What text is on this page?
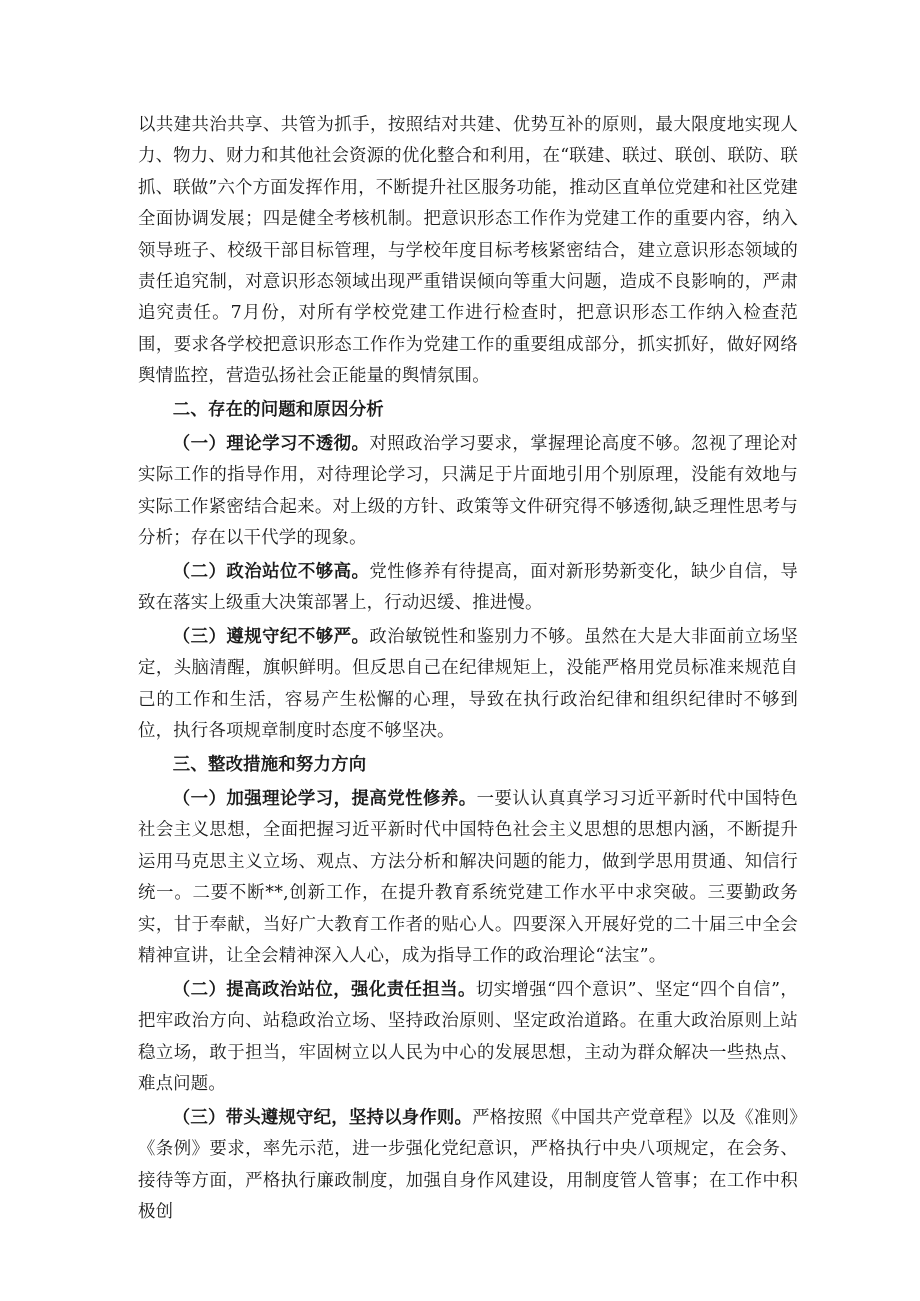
以共建共治共享、共管为抓手，按照结对共建、优势互补的原则，最大限度地实现人力、物力、财力和其他社会资源的优化整合和利用，在“联建、联过、联创、联防、联抓、联做”六个方面发挥作用，不断提升社区服务功能，推动区直单位党建和社区党建全面协调发展；四是健全考核机制。把意识形态工作作为党建工作的重要内容，纳入领导班子、校级干部目标管理，与学校年度目标考核紧密结合，建立意识形态领域的责任追究制，对意识形态领域出现严重错误倾向等重大问题，造成不良影响的，严肃追究责任。7月份，对所有学校党建工作进行检查时，把意识形态工作纳入检查范围，要求各学校把意识形态工作作为党建工作的重要组成部分，抓实抓好，做好网络舆情监控，营造弘扬社会正能量的舆情氛围。

二、存在的问题和原因分析

（一）理论学习不透彻。对照政治学习要求，掌握理论高度不够。忽视了理论对实际工作的指导作用，对待理论学习，只满足于片面地引用个别原理，没能有效地与实际工作紧密结合起来。对上级的方针、政策等文件研究得不够透彻,缺乏理性思考与分析；存在以干代学的现象。

（二）政治站位不够高。党性修养有待提高，面对新形势新变化，缺少自信，导致在落实上级重大决策部署上，行动迟缓、推进慢。

（三）遵规守纪不够严。政治敏锐性和鉴别力不够。虽然在大是大非面前立场坚定，头脑清醒，旗帜鲜明。但反思自己在纪律规矩上，没能严格用党员标准来规范自己的工作和生活，容易产生松懈的心理，导致在执行政治纪律和组织纪律时不够到位，执行各项规章制度时态度不够坚决。

三、整改措施和努力方向

（一）加强理论学习，提高党性修养。一要认认真真学习习近平新时代中国特色社会主义思想，全面把握习近平新时代中国特色社会主义思想的思想内涵，不断提升运用马克思主义立场、观点、方法分析和解决问题的能力，做到学思用贯通、知信行统一。二要不断**,创新工作，在提升教育系统党建工作水平中求突破。三要勤政务实，甘于奉献，当好广大教育工作者的贴心人。四要深入开展好党的二十届三中全会精神宣讲，让全会精神深入人心，成为指导工作的政治理论“法宝”。

（二）提高政治站位，强化责任担当。切实增强“四个意识”、坚定“四个自信”，把牢政治方向、站稳政治立场、坚持政治原则、坚定政治道路。在重大政治原则上站稳立场，敢于担当，牢固树立以人民为中心的发展思想，主动为群众解决一些热点、难点问题。

（三）带头遵规守纪，坚持以身作则。严格按照《中国共产党章程》以及《准则》《条例》要求，率先示范，进一步强化党纪意识，严格执行中央八项规定，在会务、接待等方面，严格执行廉政制度，加强自身作风建设，用制度管人管事；在工作中积极创
